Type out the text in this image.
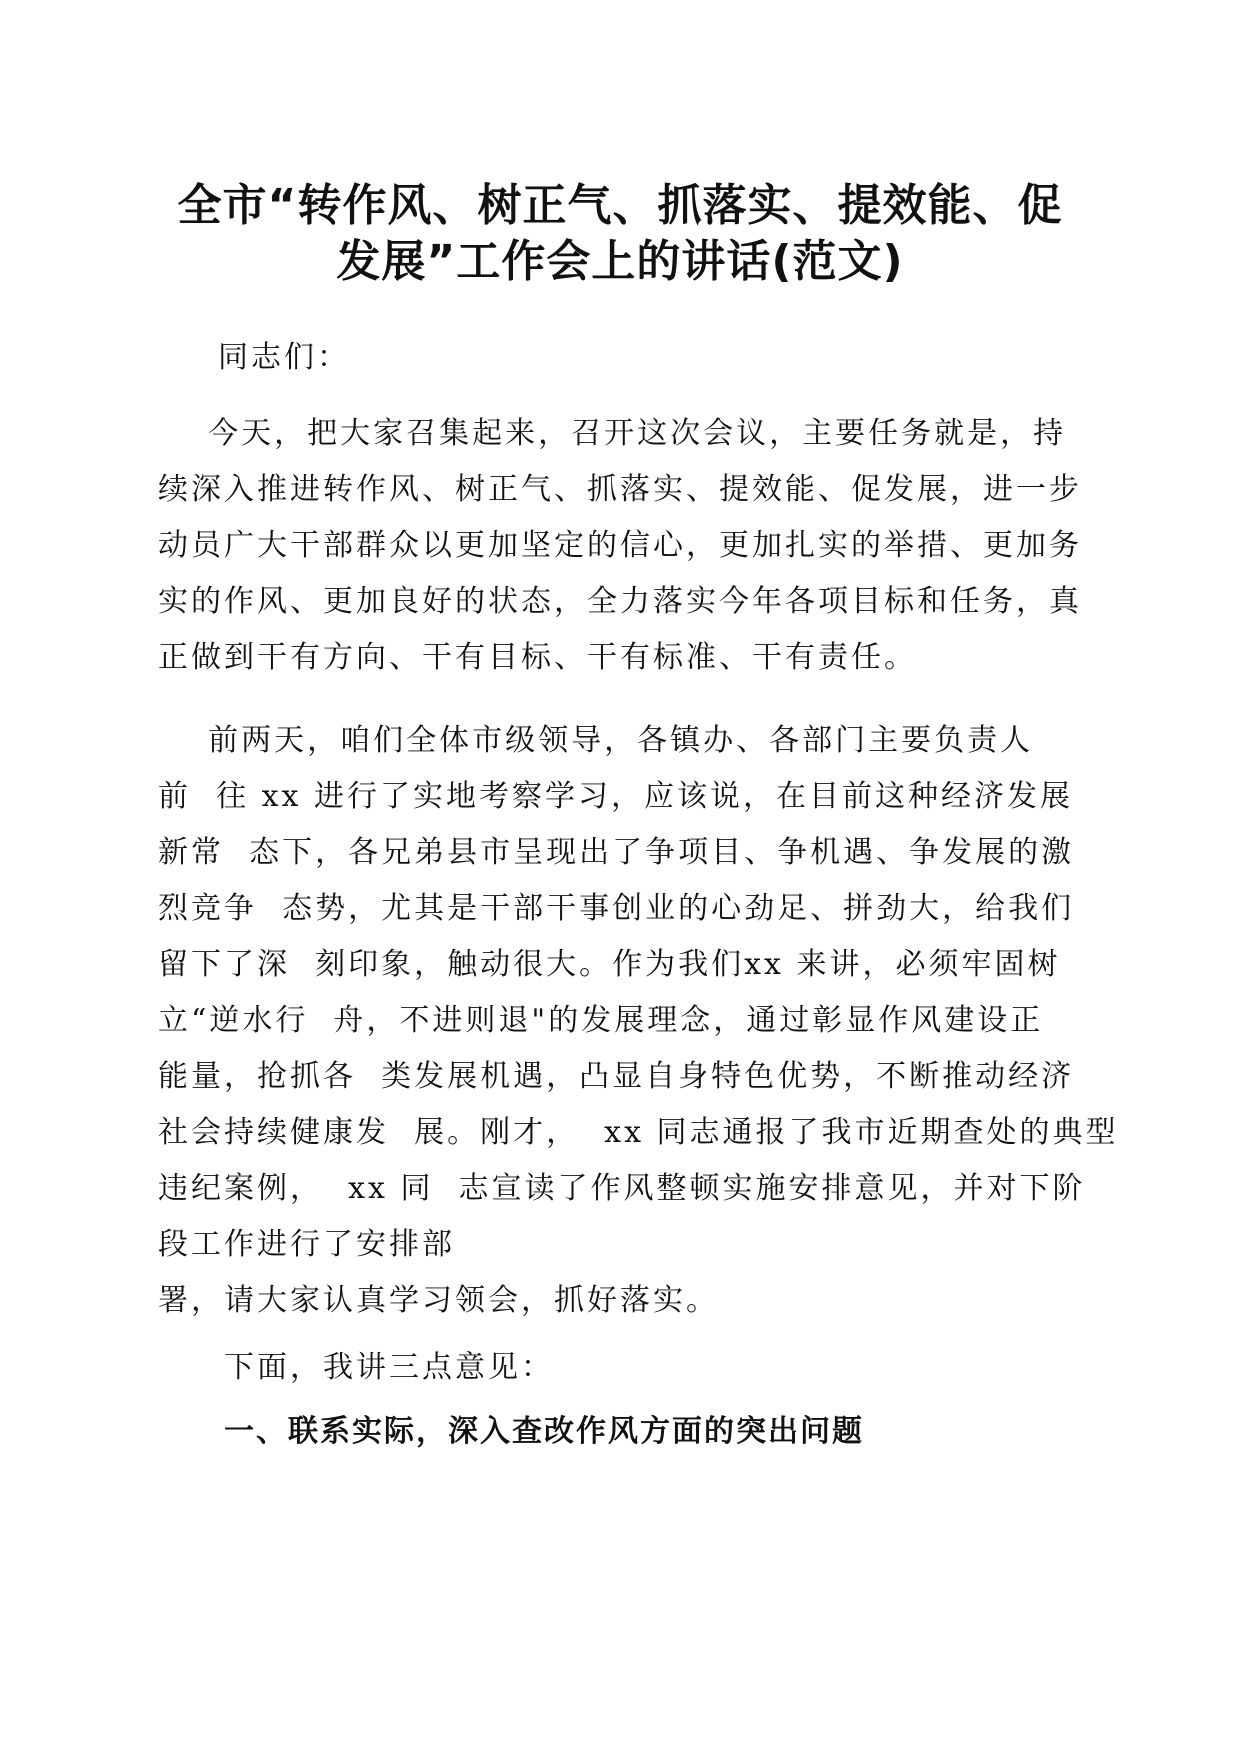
全市“转作风、树正气、抓落实、提效能、促
发展”工作会上的讲话(范文)

同志们：

今天，把大家召集起来，召开这次会议，主要任务就是，持
续深入推进转作风、树正气、抓落实、提效能、促发展，进一步
动员广大干部群众以更加坚定的信心，更加扎实的举措、更加务
实的作风、更加良好的状态，全力落实今年各项目标和任务，真
正做到干有方向、干有目标、干有标准、干有责任。

前两天，咱们全体市级领导，各镇办、各部门主要负责人
前  往 xx 进行了实地考察学习，应该说，在目前这种经济发展
新常  态下，各兄弟县市呈现出了争项目、争机遇、争发展的激
烈竞争  态势，尤其是干部干事创业的心劲足、拼劲大，给我们
留下了深  刻印象，触动很大。作为我们xx 来讲，必须牢固树
立“逆水行  舟，不进则退"的发展理念，通过彰显作风建设正
能量，抢抓各  类发展机遇，凸显自身特色优势，不断推动经济
社会持续健康发  展。刚才，  xx 同志通报了我市近期查处的典型
违纪案例，  xx 同  志宣读了作风整顿实施安排意见，并对下阶
段工作进行了安排部
署，请大家认真学习领会，抓好落实。

下面，我讲三点意见：

一、联系实际，深入查改作风方面的突出问题
